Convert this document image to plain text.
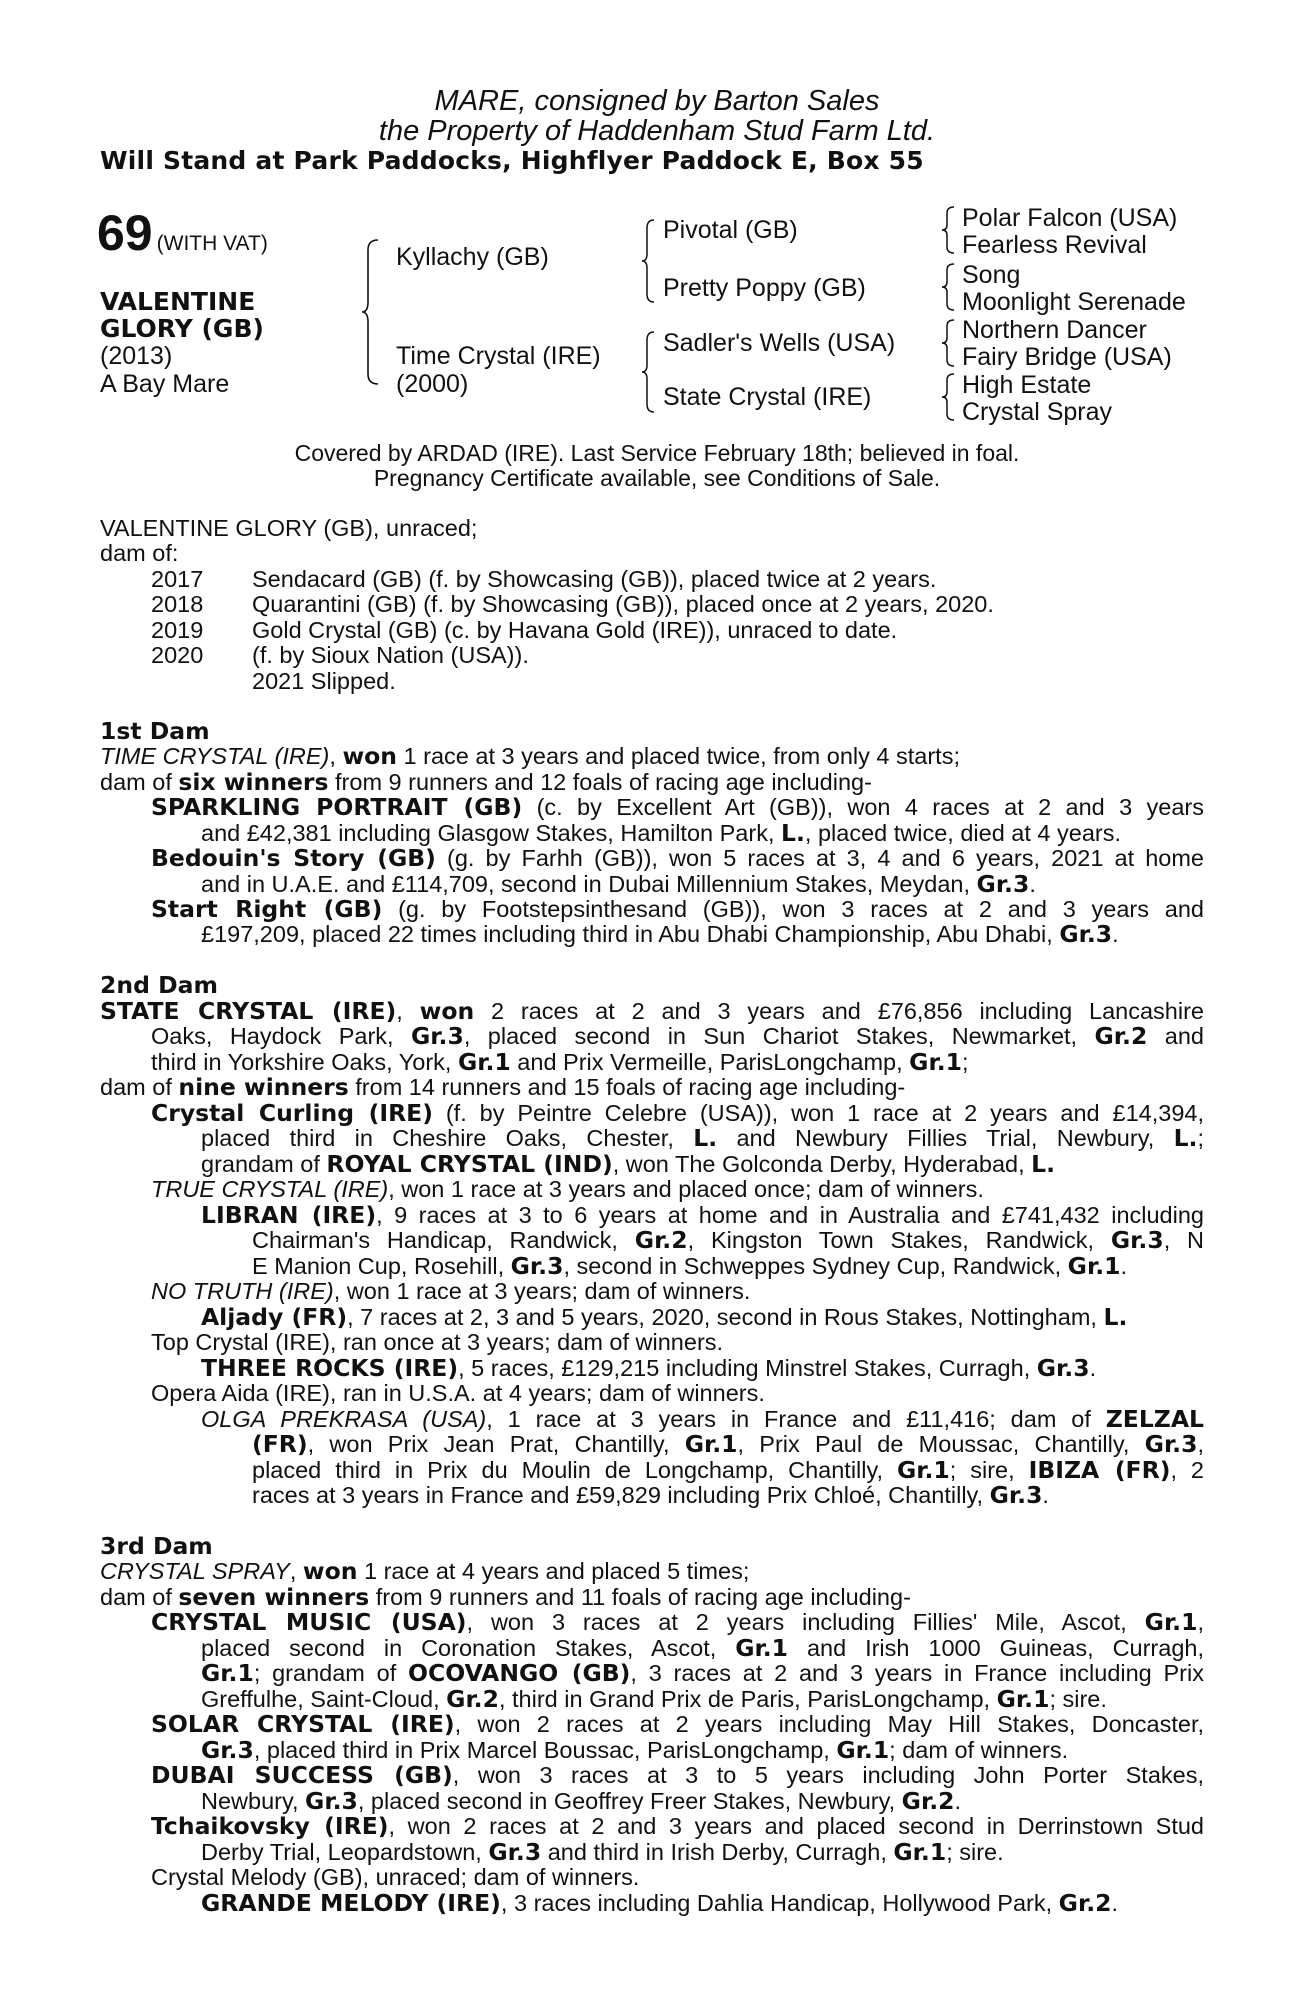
MARE, consigned by Barton Sales
the Property of Haddenham Stud Farm Ltd.
Will Stand at Park Paddocks, Highflyer Paddock E, Box 55
69 (WITH VAT)
VALENTINE
GLORY (GB)
(2013)
A Bay Mare
Kyllachy (GB)
Time Crystal (IRE)
(2000)
Pivotal (GB)
Pretty Poppy (GB)
Sadler's Wells (USA)
State Crystal (IRE)
Polar Falcon (USA)
Fearless Revival
Song
Moonlight Serenade
Northern Dancer
Fairy Bridge (USA)
High Estate
Crystal Spray
Covered by ARDAD (IRE). Last Service February 18th; believed in foal.
Pregnancy Certificate available, see Conditions of Sale.
VALENTINE GLORY (GB), unraced;
dam of:
2017 Sendacard (GB) (f. by Showcasing (GB)), placed twice at 2 years.
2018 Quarantini (GB) (f. by Showcasing (GB)), placed once at 2 years, 2020.
2019 Gold Crystal (GB) (c. by Havana Gold (IRE)), unraced to date.
2020 (f. by Sioux Nation (USA)).
2021 Slipped.
1st Dam
TIME CRYSTAL (IRE), won 1 race at 3 years and placed twice, from only 4 starts;
dam of six winners from 9 runners and 12 foals of racing age including-
SPARKLING PORTRAIT (GB) (c. by Excellent Art (GB)), won 4 races at 2 and 3 years
and £42,381 including Glasgow Stakes, Hamilton Park, L., placed twice, died at 4 years.
Bedouin's Story (GB) (g. by Farhh (GB)), won 5 races at 3, 4 and 6 years, 2021 at home
and in U.A.E. and £114,709, second in Dubai Millennium Stakes, Meydan, Gr.3.
Start Right (GB) (g. by Footstepsinthesand (GB)), won 3 races at 2 and 3 years and
£197,209, placed 22 times including third in Abu Dhabi Championship, Abu Dhabi, Gr.3.
2nd Dam
STATE CRYSTAL (IRE), won 2 races at 2 and 3 years and £76,856 including Lancashire
Oaks, Haydock Park, Gr.3, placed second in Sun Chariot Stakes, Newmarket, Gr.2 and
third in Yorkshire Oaks, York, Gr.1 and Prix Vermeille, ParisLongchamp, Gr.1;
dam of nine winners from 14 runners and 15 foals of racing age including-
Crystal Curling (IRE) (f. by Peintre Celebre (USA)), won 1 race at 2 years and £14,394,
placed third in Cheshire Oaks, Chester, L. and Newbury Fillies Trial, Newbury, L.;
grandam of ROYAL CRYSTAL (IND), won The Golconda Derby, Hyderabad, L.
TRUE CRYSTAL (IRE), won 1 race at 3 years and placed once; dam of winners.
LIBRAN (IRE), 9 races at 3 to 6 years at home and in Australia and £741,432 including
Chairman's Handicap, Randwick, Gr.2, Kingston Town Stakes, Randwick, Gr.3, N
E Manion Cup, Rosehill, Gr.3, second in Schweppes Sydney Cup, Randwick, Gr.1.
NO TRUTH (IRE), won 1 race at 3 years; dam of winners.
Aljady (FR), 7 races at 2, 3 and 5 years, 2020, second in Rous Stakes, Nottingham, L.
Top Crystal (IRE), ran once at 3 years; dam of winners.
THREE ROCKS (IRE), 5 races, £129,215 including Minstrel Stakes, Curragh, Gr.3.
Opera Aida (IRE), ran in U.S.A. at 4 years; dam of winners.
OLGA PREKRASA (USA), 1 race at 3 years in France and £11,416; dam of ZELZAL
(FR), won Prix Jean Prat, Chantilly, Gr.1, Prix Paul de Moussac, Chantilly, Gr.3,
placed third in Prix du Moulin de Longchamp, Chantilly, Gr.1; sire, IBIZA (FR), 2
races at 3 years in France and £59,829 including Prix Chloé, Chantilly, Gr.3.
3rd Dam
CRYSTAL SPRAY, won 1 race at 4 years and placed 5 times;
dam of seven winners from 9 runners and 11 foals of racing age including-
CRYSTAL MUSIC (USA), won 3 races at 2 years including Fillies' Mile, Ascot, Gr.1,
placed second in Coronation Stakes, Ascot, Gr.1 and Irish 1000 Guineas, Curragh,
Gr.1; grandam of OCOVANGO (GB), 3 races at 2 and 3 years in France including Prix
Greffulhe, Saint-Cloud, Gr.2, third in Grand Prix de Paris, ParisLongchamp, Gr.1; sire.
SOLAR CRYSTAL (IRE), won 2 races at 2 years including May Hill Stakes, Doncaster,
Gr.3, placed third in Prix Marcel Boussac, ParisLongchamp, Gr.1; dam of winners.
DUBAI SUCCESS (GB), won 3 races at 3 to 5 years including John Porter Stakes,
Newbury, Gr.3, placed second in Geoffrey Freer Stakes, Newbury, Gr.2.
Tchaikovsky (IRE), won 2 races at 2 and 3 years and placed second in Derrinstown Stud
Derby Trial, Leopardstown, Gr.3 and third in Irish Derby, Curragh, Gr.1; sire.
Crystal Melody (GB), unraced; dam of winners.
GRANDE MELODY (IRE), 3 races including Dahlia Handicap, Hollywood Park, Gr.2.
